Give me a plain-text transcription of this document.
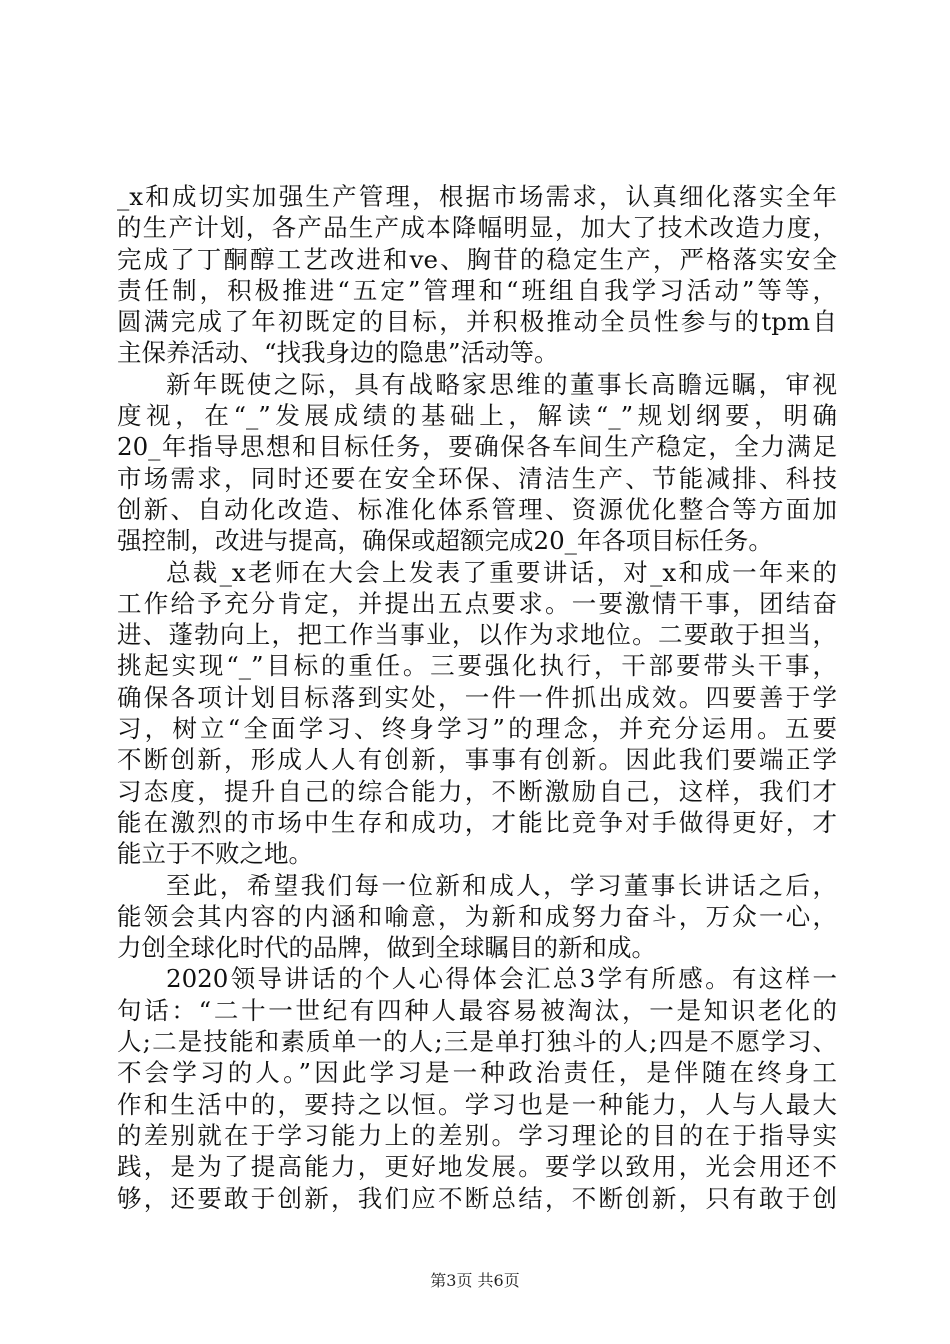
_x和成切实加强生产管理，根据市场需求，认真细化落实全年
的生产计划，各产品生产成本降幅明显，加大了技术改造力度，
完成了丁酮醇工艺改进和ve、胸苷的稳定生产，严格落实安全
责任制，积极推进“五定”管理和“班组自我学习活动”等等，
圆满完成了年初既定的目标，并积极推动全员性参与的tpm自
主保养活动、“找我身边的隐患”活动等。
新年既使之际，具有战略家思维的董事长高瞻远瞩，审视
度视，在“_”发展成绩的基础上，解读“_”规划纲要，明确
20_年指导思想和目标任务，要确保各车间生产稳定，全力满足
市场需求，同时还要在安全环保、清洁生产、节能减排、科技
创新、自动化改造、标准化体系管理、资源优化整合等方面加
强控制，改进与提高，确保或超额完成20_年各项目标任务。
总裁_x老师在大会上发表了重要讲话，对_x和成一年来的
工作给予充分肯定，并提出五点要求。一要激情干事，团结奋
进、蓬勃向上，把工作当事业，以作为求地位。二要敢于担当，
挑起实现“_”目标的重任。三要强化执行，干部要带头干事，
确保各项计划目标落到实处，一件一件抓出成效。四要善于学
习，树立“全面学习、终身学习”的理念，并充分运用。五要
不断创新，形成人人有创新，事事有创新。因此我们要端正学
习态度，提升自己的综合能力，不断激励自己，这样，我们才
能在激烈的市场中生存和成功，才能比竞争对手做得更好，才
能立于不败之地。
至此，希望我们每一位新和成人，学习董事长讲话之后，
能领会其内容的内涵和喻意，为新和成努力奋斗，万众一心，
力创全球化时代的品牌，做到全球瞩目的新和成。
2020领导讲话的个人心得体会汇总3学有所感。有这样一
句话：“二十一世纪有四种人最容易被淘汰，一是知识老化的
人;二是技能和素质单一的人;三是单打独斗的人;四是不愿学习、
不会学习的人。”因此学习是一种政治责任，是伴随在终身工
作和生活中的，要持之以恒。学习也是一种能力，人与人最大
的差别就在于学习能力上的差别。学习理论的目的在于指导实
践，是为了提高能力，更好地发展。要学以致用，光会用还不
够，还要敢于创新，我们应不断总结，不断创新，只有敢于创
第3页 共6页
